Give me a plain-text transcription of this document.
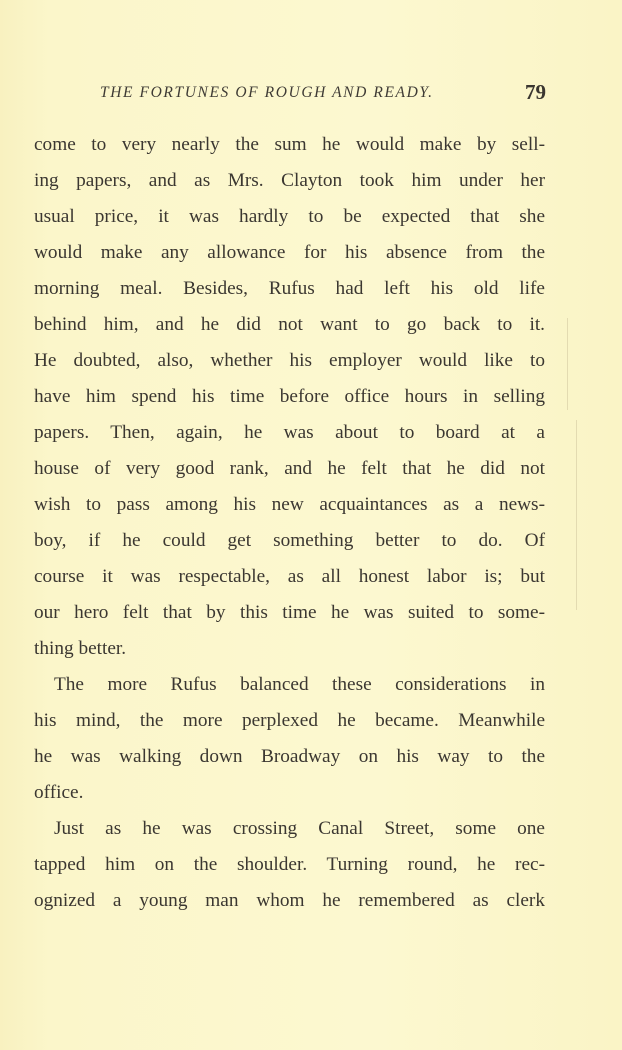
THE FORTUNES OF ROUGH AND READY.	79
come to very nearly the sum he would make by sell-
ing papers, and as Mrs. Clayton took him under her
usual price, it was hardly to be expected that she
would make any allowance for his absence from the
morning meal. Besides, Rufus had left his old life
behind him, and he did not want to go back to it.
He doubted, also, whether his employer would like to
have him spend his time before office hours in selling
papers. Then, again, he was about to board at a
house of very good rank, and he felt that he did not
wish to pass among his new acquaintances as a news-
boy, if he could get something better to do. Of
course it was respectable, as all honest labor is; but
our hero felt that by this time he was suited to some-
thing better.
The more Rufus balanced these considerations in
his mind, the more perplexed he became. Meanwhile
he was walking down Broadway on his way to the
office.
Just as he was crossing Canal Street, some one
tapped him on the shoulder. Turning round, he rec-
ognized a young man whom he remembered as clerk
